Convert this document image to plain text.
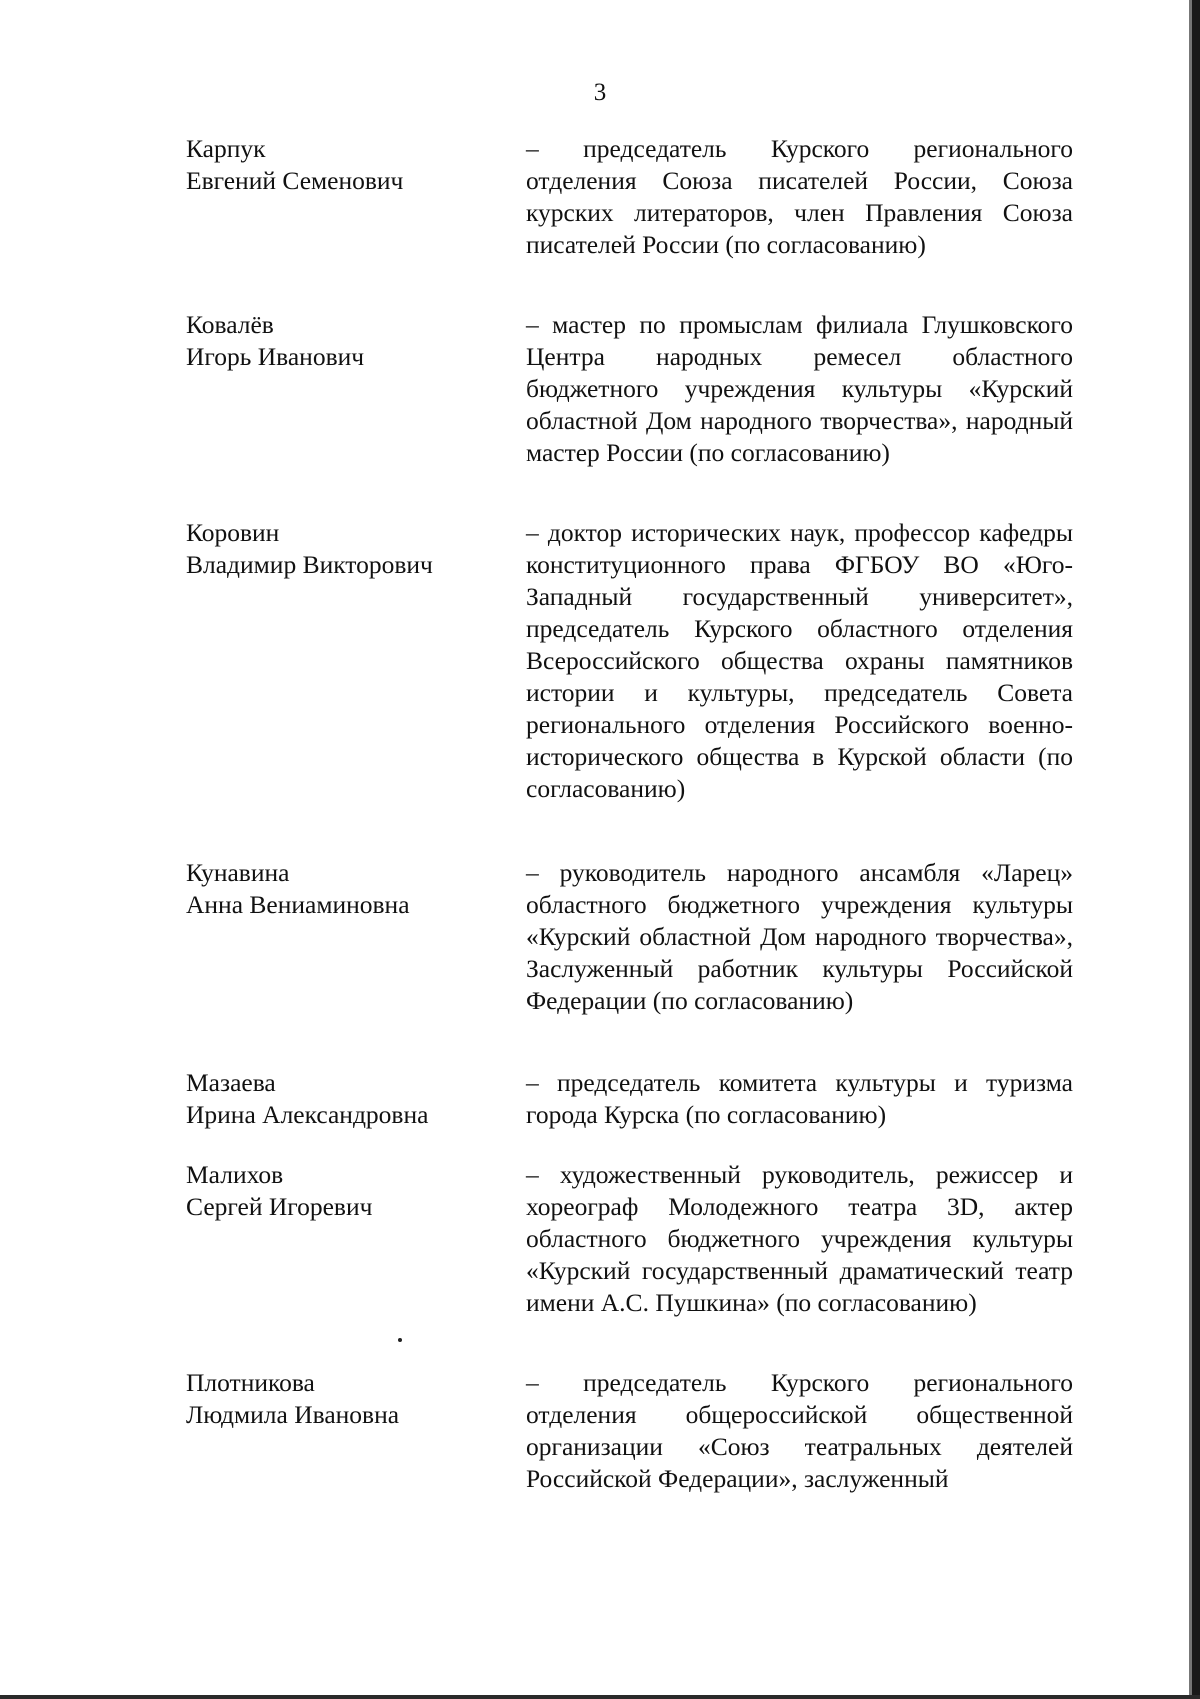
3
Карпук
Евгений Семенович
– председатель Курского регионального отделения Союза писателей России, Союза курских литераторов, член Правления Союза писателей России (по согласованию)
Ковалёв
Игорь Иванович
– мастер по промыслам филиала Глушковского Центра народных ремесел областного бюджетного учреждения культуры «Курский областной Дом народного творчества», народный мастер России (по согласованию)
Коровин
Владимир Викторович
– доктор исторических наук, профессор кафедры конституционного права ФГБОУ ВО «Юго-Западный государственный университет», председатель Курского областного отделения Всероссийского общества охраны памятников истории и культуры, председатель Совета регионального отделения Российского военно-исторического общества в Курской области (по согласованию)
Кунавина
Анна Вениаминовна
– руководитель народного ансамбля «Ларец» областного бюджетного учреждения культуры «Курский областной Дом народного творчества», Заслуженный работник культуры Российской Федерации (по согласованию)
Мазаева
Ирина Александровна
– председатель комитета культуры и туризма города Курска (по согласованию)
Малихов
Сергей Игоревич
– художественный руководитель, режиссер и хореограф Молодежного театра 3D, актер областного бюджетного учреждения культуры «Курский государственный драматический театр имени А.С. Пушкина» (по согласованию)
Плотникова
Людмила Ивановна
– председатель Курского регионального отделения общероссийской общественной организации «Союз театральных деятелей Российской Федерации», заслуженный
